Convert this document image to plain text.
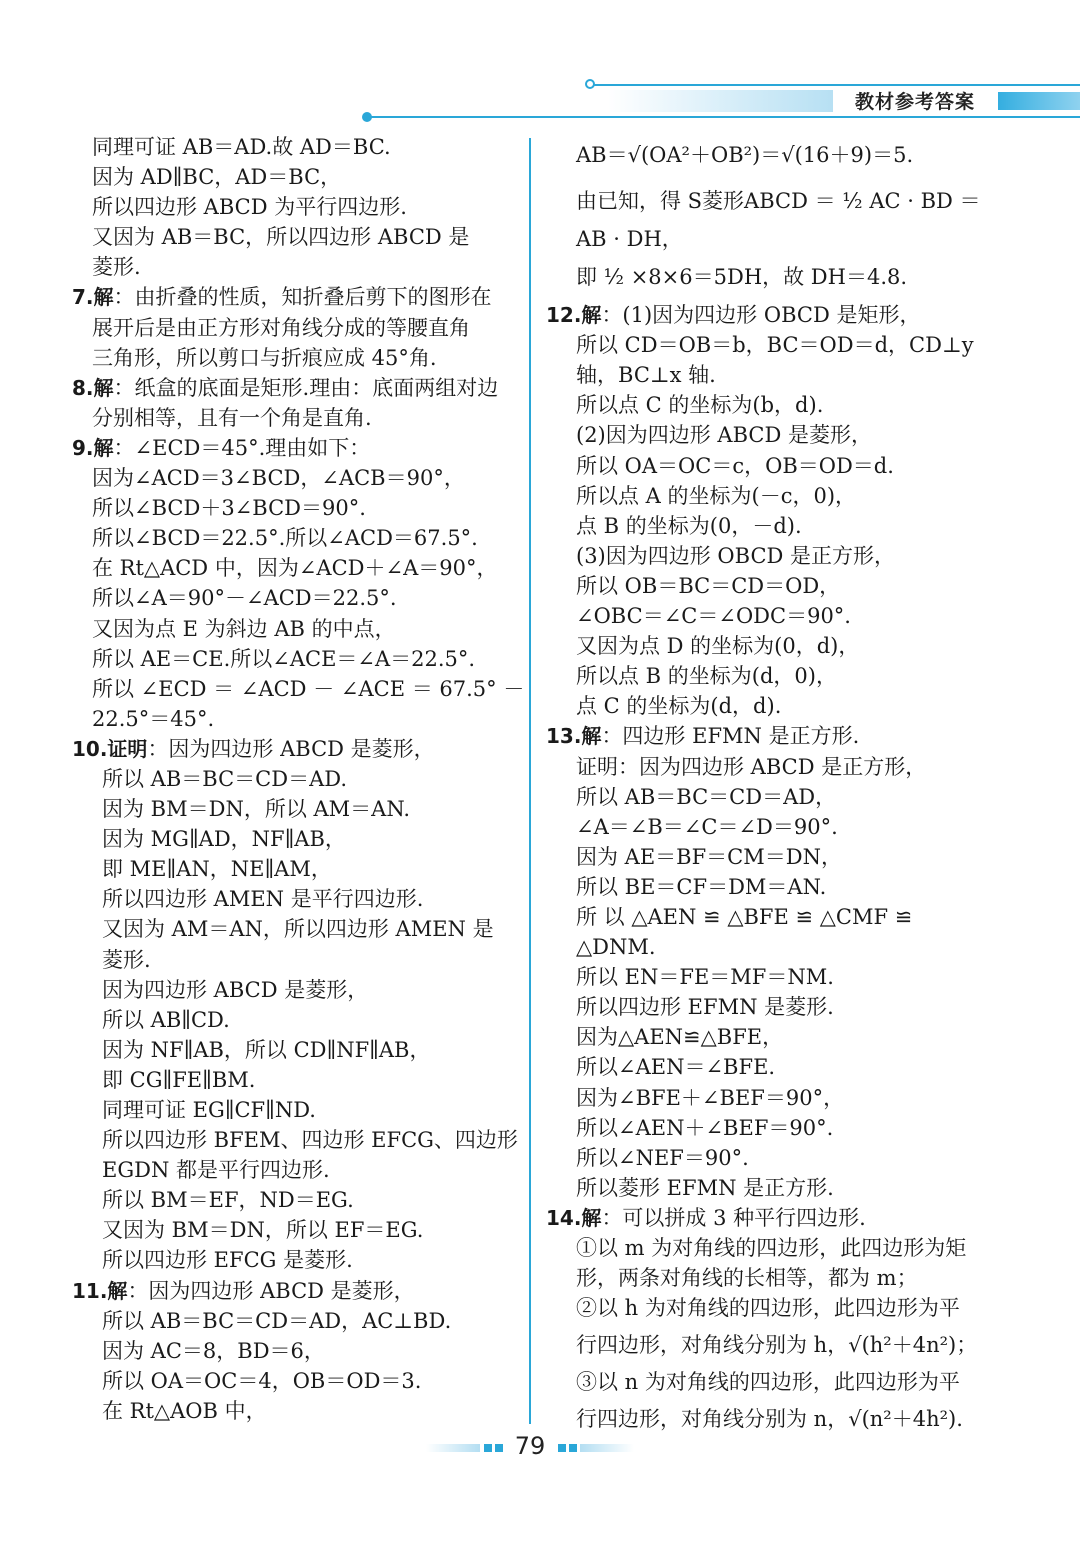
教材参考答案
同理可证 AB＝AD.故 AD＝BC.
因为 AD∥BC，AD＝BC，
所以四边形 ABCD 为平行四边形.
又因为 AB＝BC，所以四边形 ABCD 是
菱形.
7.解：由折叠的性质，知折叠后剪下的图形在
展开后是由正方形对角线分成的等腰直角
三角形，所以剪口与折痕应成 45°角.
8.解：纸盒的底面是矩形.理由：底面两组对边
分别相等，且有一个角是直角.
9.解：∠ECD＝45°.理由如下：
因为∠ACD＝3∠BCD，∠ACB＝90°，
所以∠BCD＋3∠BCD＝90°.
所以∠BCD＝22.5°.所以∠ACD＝67.5°.
在 Rt△ACD 中，因为∠ACD＋∠A＝90°，
所以∠A＝90°－∠ACD＝22.5°.
又因为点 E 为斜边 AB 的中点，
所以 AE＝CE.所以∠ACE＝∠A＝22.5°.
所以 ∠ECD ＝ ∠ACD － ∠ACE ＝ 67.5° －
22.5°＝45°.
10.证明：因为四边形 ABCD 是菱形，
所以 AB＝BC＝CD＝AD.
因为 BM＝DN，所以 AM＝AN.
因为 MG∥AD，NF∥AB，
即 ME∥AN，NE∥AM，
所以四边形 AMEN 是平行四边形.
又因为 AM＝AN，所以四边形 AMEN 是
菱形.
因为四边形 ABCD 是菱形，
所以 AB∥CD.
因为 NF∥AB，所以 CD∥NF∥AB，
即 CG∥FE∥BM.
同理可证 EG∥CF∥ND.
所以四边形 BFEM、四边形 EFCG、四边形
EGDN 都是平行四边形.
所以 BM＝EF，ND＝EG.
又因为 BM＝DN，所以 EF＝EG.
所以四边形 EFCG 是菱形.
11.解：因为四边形 ABCD 是菱形，
所以 AB＝BC＝CD＝AD，AC⊥BD.
因为 AC＝8，BD＝6，
所以 OA＝OC＝4，OB＝OD＝3.
在 Rt△AOB 中，
AB＝√(OA²＋OB²)＝√(16＋9)＝5.
由已知，得 S菱形ABCD ＝ ½ AC · BD ＝
AB · DH，
即 ½ ×8×6＝5DH，故 DH＝4.8.
12.解：(1)因为四边形 OBCD 是矩形，
所以 CD＝OB＝b，BC＝OD＝d，CD⊥y
轴，BC⊥x 轴.
所以点 C 的坐标为(b，d).
(2)因为四边形 ABCD 是菱形，
所以 OA＝OC＝c，OB＝OD＝d.
所以点 A 的坐标为(－c，0)，
点 B 的坐标为(0，－d).
(3)因为四边形 OBCD 是正方形，
所以 OB＝BC＝CD＝OD，
∠OBC＝∠C＝∠ODC＝90°.
又因为点 D 的坐标为(0，d)，
所以点 B 的坐标为(d，0)，
点 C 的坐标为(d，d).
13.解：四边形 EFMN 是正方形.
证明：因为四边形 ABCD 是正方形，
所以 AB＝BC＝CD＝AD，
∠A＝∠B＝∠C＝∠D＝90°.
因为 AE＝BF＝CM＝DN，
所以 BE＝CF＝DM＝AN.
所 以 △AEN ≌ △BFE ≌ △CMF ≌
△DNM.
所以 EN＝FE＝MF＝NM.
所以四边形 EFMN 是菱形.
因为△AEN≌△BFE，
所以∠AEN＝∠BFE.
因为∠BFE＋∠BEF＝90°，
所以∠AEN＋∠BEF＝90°.
所以∠NEF＝90°.
所以菱形 EFMN 是正方形.
14.解：可以拼成 3 种平行四边形.
①以 m 为对角线的四边形，此四边形为矩
形，两条对角线的长相等，都为 m；
②以 h 为对角线的四边形，此四边形为平
行四边形，对角线分别为 h，√(h²＋4n²)；
③以 n 为对角线的四边形，此四边形为平
行四边形，对角线分别为 n，√(n²＋4h²).
79
